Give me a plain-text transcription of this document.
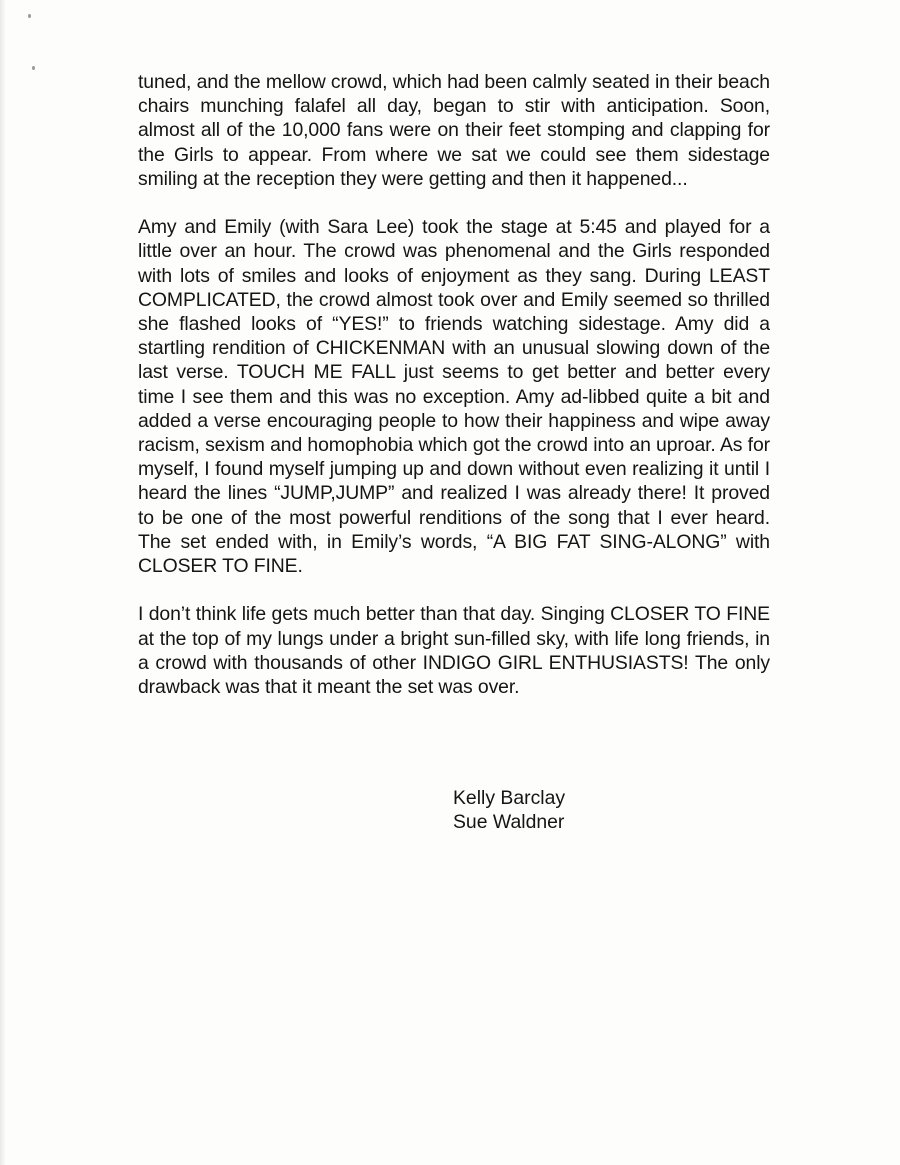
tuned, and the mellow crowd, which had been calmly seated in their beach chairs munching falafel all day, began to stir with anticipation. Soon, almost all of the 10,000 fans were on their feet stomping and clapping for the Girls to appear. From where we sat we could see them sidestage smiling at the reception they were getting and then it happened...

Amy and Emily (with Sara Lee) took the stage at 5:45 and played for a little over an hour. The crowd was phenomenal and the Girls responded with lots of smiles and looks of enjoyment as they sang. During LEAST COMPLICATED, the crowd almost took over and Emily seemed so thrilled she flashed looks of “YES!” to friends watching sidestage. Amy did a startling rendition of CHICKENMAN with an unusual slowing down of the last verse. TOUCH ME FALL just seems to get better and better every time I see them and this was no exception. Amy ad-libbed quite a bit and added a verse encouraging people to how their happiness and wipe away racism, sexism and homophobia which got the crowd into an uproar. As for myself, I found myself jumping up and down without even realizing it until I heard the lines “JUMP,JUMP” and realized I was already there! It proved to be one of the most powerful renditions of the song that I ever heard. The set ended with, in Emily’s words, “A BIG FAT SING-ALONG” with CLOSER TO FINE.

I don’t think life gets much better than that day. Singing CLOSER TO FINE at the top of my lungs under a bright sun-filled sky, with life long friends, in a crowd with thousands of other INDIGO GIRL ENTHUSIASTS! The only drawback was that it meant the set was over.

Kelly Barclay
Sue Waldner
